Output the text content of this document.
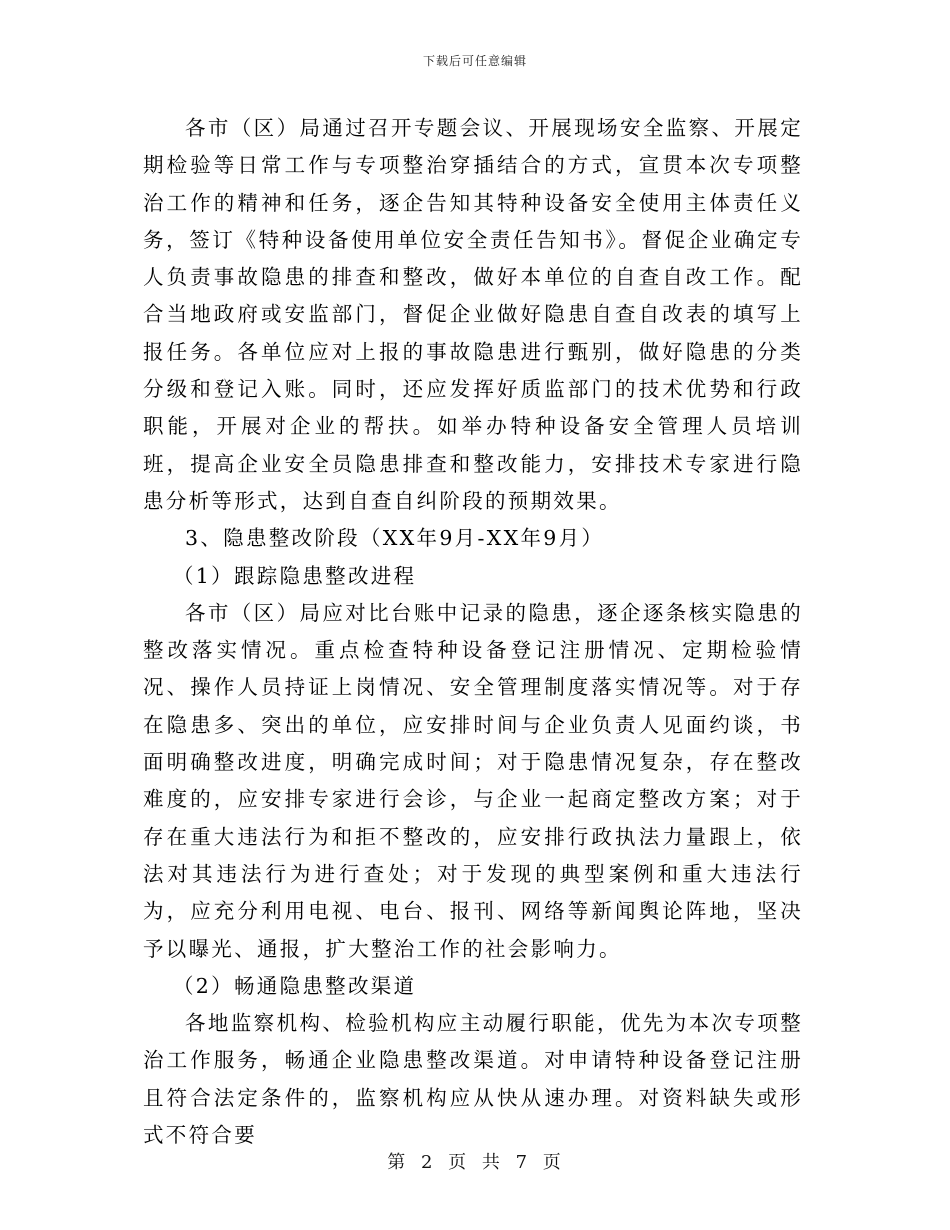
下载后可任意编辑

各市（区）局通过召开专题会议、开展现场安全监察、开展定期检验等日常工作与专项整治穿插结合的方式，宣贯本次专项整治工作的精神和任务，逐企告知其特种设备安全使用主体责任义务，签订《特种设备使用单位安全责任告知书》。督促企业确定专人负责事故隐患的排查和整改，做好本单位的自查自改工作。配合当地政府或安监部门，督促企业做好隐患自查自改表的填写上报任务。各单位应对上报的事故隐患进行甄别，做好隐患的分类分级和登记入账。同时，还应发挥好质监部门的技术优势和行政职能，开展对企业的帮扶。如举办特种设备安全管理人员培训班，提高企业安全员隐患排查和整改能力，安排技术专家进行隐患分析等形式，达到自查自纠阶段的预期效果。

3、隐患整改阶段（XX年9月-XX年9月）

（1）跟踪隐患整改进程

各市（区）局应对比台账中记录的隐患，逐企逐条核实隐患的整改落实情况。重点检查特种设备登记注册情况、定期检验情况、操作人员持证上岗情况、安全管理制度落实情况等。对于存在隐患多、突出的单位，应安排时间与企业负责人见面约谈，书面明确整改进度，明确完成时间；对于隐患情况复杂，存在整改难度的，应安排专家进行会诊，与企业一起商定整改方案；对于存在重大违法行为和拒不整改的，应安排行政执法力量跟上，依法对其违法行为进行查处；对于发现的典型案例和重大违法行为，应充分利用电视、电台、报刊、网络等新闻舆论阵地，坚决予以曝光、通报，扩大整治工作的社会影响力。

（2）畅通隐患整改渠道

各地监察机构、检验机构应主动履行职能，优先为本次专项整治工作服务，畅通企业隐患整改渠道。对申请特种设备登记注册且符合法定条件的，监察机构应从快从速办理。对资料缺失或形式不符合要

第 2 页 共 7 页
